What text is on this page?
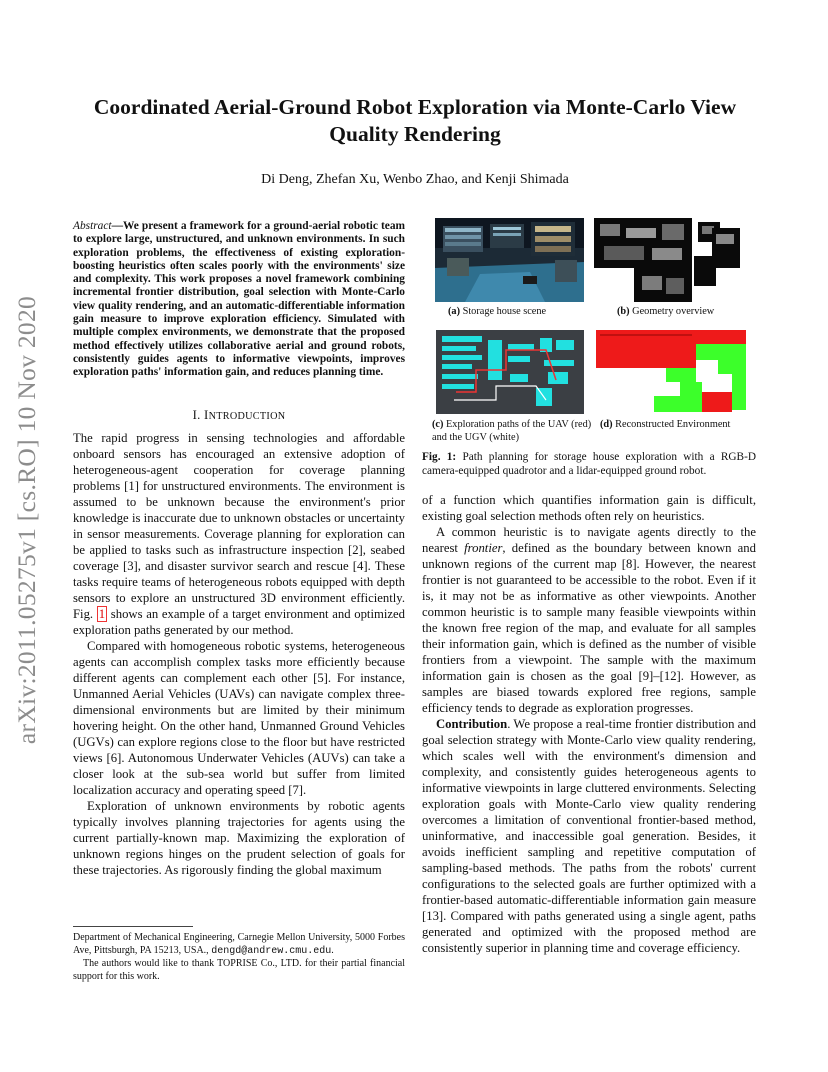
arXiv:2011.05275v1 [cs.RO] 10 Nov 2020
Coordinated Aerial-Ground Robot Exploration via Monte-Carlo View Quality Rendering

Di Deng, Zhefan Xu, Wenbo Zhao, and Kenji Shimada

Abstract—We present a framework for a ground-aerial robotic team to explore large, unstructured, and unknown environments. In such exploration problems, the effectiveness of existing exploration-boosting heuristics often scales poorly with the environments' size and complexity. This work proposes a novel framework combining incremental frontier distribution, goal selection with Monte-Carlo view quality rendering, and an automatic-differentiable information gain measure to improve exploration efficiency. Simulated with multiple complex environments, we demonstrate that the proposed method effectively utilizes collaborative aerial and ground robots, consistently guides agents to informative viewpoints, improves exploration paths' information gain, and reduces planning time.

I. INTRODUCTION

The rapid progress in sensing technologies and affordable onboard sensors has encouraged an extensive adoption of heterogeneous-agent cooperation for coverage planning problems [1] for unstructured environments. The environment is assumed to be unknown because the environment's prior knowledge is inaccurate due to unknown obstacles or uncertainty in sensor measurements. Coverage planning for exploration can be applied to tasks such as infrastructure inspection [2], seabed coverage [3], and disaster survivor search and rescue [4]. These tasks require teams of heterogeneous robots equipped with depth sensors to explore an unstructured 3D environment efficiently. Fig. 1 shows an example of a target environment and optimized exploration paths generated by our method.

Compared with homogeneous robotic systems, heterogeneous agents can accomplish complex tasks more efficiently because different agents can complement each other [5]. For instance, Unmanned Aerial Vehicles (UAVs) can navigate complex three-dimensional environments but are limited by their minimum hovering height. On the other hand, Unmanned Ground Vehicles (UGVs) can explore regions close to the floor but have restricted views [6]. Autonomous Underwater Vehicles (AUVs) can take a closer look at the sub-sea world but suffer from limited localization accuracy and operating speed [7].

Exploration of unknown environments by robotic agents typically involves planning trajectories for agents using the current partially-known map. Maximizing the exploration of unknown regions hinges on the prudent selection of goals for these trajectories. As rigorously finding the global maximum

Department of Mechanical Engineering, Carnegie Mellon University, 5000 Forbes Ave, Pittsburgh, PA 15213, USA., dengd@andrew.cmu.edu.

The authors would like to thank TOPRISE Co., LTD. for their partial financial support for this work.

(a) Storage house scene	(b) Geometry overview

(c) Exploration paths of the UAV (red) and the UGV (white)

(d) Reconstructed Environment

Fig. 1: Path planning for storage house exploration with a RGB-D camera-equipped quadrotor and a lidar-equipped ground robot.

of a function which quantifies information gain is difficult, existing goal selection methods often rely on heuristics.

A common heuristic is to navigate agents directly to the nearest frontier, defined as the boundary between known and unknown regions of the current map [8]. However, the nearest frontier is not guaranteed to be accessible to the robot. Even if it is, it may not be as informative as other viewpoints. Another common heuristic is to sample many feasible viewpoints within the known free region of the map, and evaluate for all samples their information gain, which is defined as the number of visible frontiers from a viewpoint. The sample with the maximum information gain is chosen as the goal [9]–[12]. However, as samples are biased towards explored free regions, sample efficiency tends to degrade as exploration progresses.

Contribution. We propose a real-time frontier distribution and goal selection strategy with Monte-Carlo view quality rendering, which scales well with the environment's dimension and complexity, and consistently guides heterogeneous agents to informative viewpoints in large cluttered environments. Selecting exploration goals with Monte-Carlo view quality rendering overcomes a limitation of conventional frontier-based method, uninformative, and inaccessible goal generation. Besides, it avoids inefficient sampling and repetitive computation of sampling-based methods. The paths from the robots' current configurations to the selected goals are further optimized with a frontier-based automatic-differentiable information gain measure [13]. Compared with paths generated using a single agent, paths generated and optimized with the proposed method are consistently superior in planning time and coverage efficiency.
